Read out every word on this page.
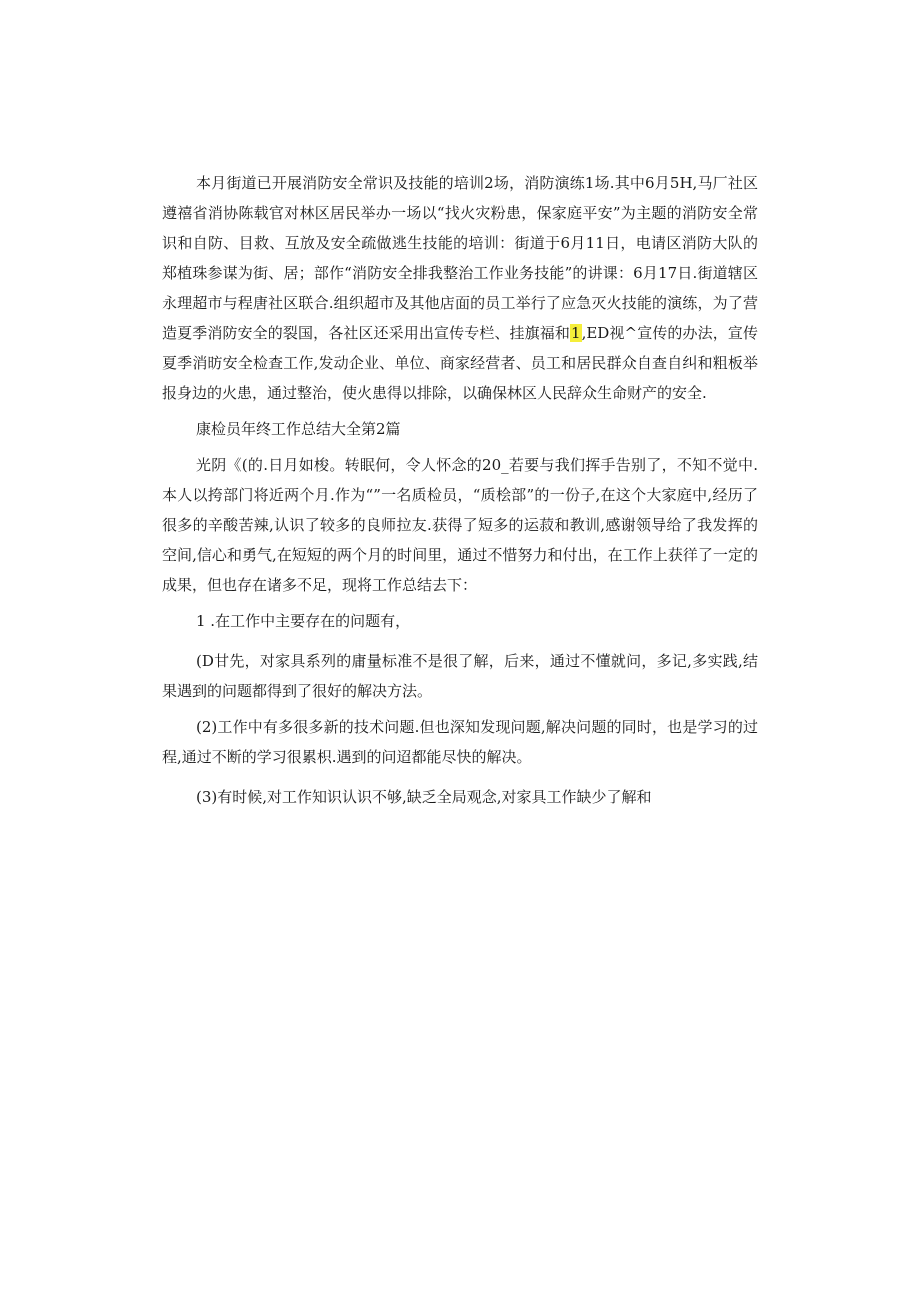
本月街道已开展消防安全常识及技能的培训2场，消防演练1场.其中6月5H,马厂社区遵禧省消协陈载官对林区居民举办一场以“找火灾粉患，保家庭平安”为主题的消防安全常识和自防、目救、互放及安全疏做逃生技能的培训：街道于6月11日，电请区消防大队的郑植珠参谋为街、居；部作“消防安全排我整治工作业务技能”的讲课：6月17日.街道辖区永理超市与程唐社区联合.组织超市及其他店面的员工举行了应急灭火技能的演练，为了营造夏季消防安全的裂国，各社区还采用出宣传专栏、挂旗福和1,ED视^宣传的办法，宣传夏季消昉安全检查工作,发动企业、单位、商家经营者、员工和居民群众自查自纠和粗板举报身边的火患，通过整治，使火患得以排除，以确保林区人民辞众生命财产的安全.

康检员年终工作总结大全第2篇

光阴《(的.日月如梭。转眠何，令人怀念的20_若要与我们挥手告别了，不知不觉中.本人以挎部门将近两个月.作为“”一名质检员，“质桧部”的一份子,在这个大家庭中,经历了很多的辛酸苦辣,认识了较多的良师拉友.获得了短多的运菽和教训,感谢领导给了我发挥的空间,信心和勇气,在短短的两个月的时间里，通过不惜努力和付出，在工作上获徉了一定的成果，但也存在诸多不足，现将工作总结去下：

1 .在工作中主要存在的问题有，

(D甘先，对家具系列的庸量标准不是很了解，后来，通过不懂就问，多记,多实践,结果遇到的问题都得到了很好的解决方法。

(2)工作中有多很多新的技术问题.但也深知发现问题,解决问题的同时，也是学习的过程,通过不断的学习很累枳.遇到的问迢都能尽快的解决。

(3)有时候,对工作知识认识不够,缺乏全局观念,对家具工作缺少了解和
